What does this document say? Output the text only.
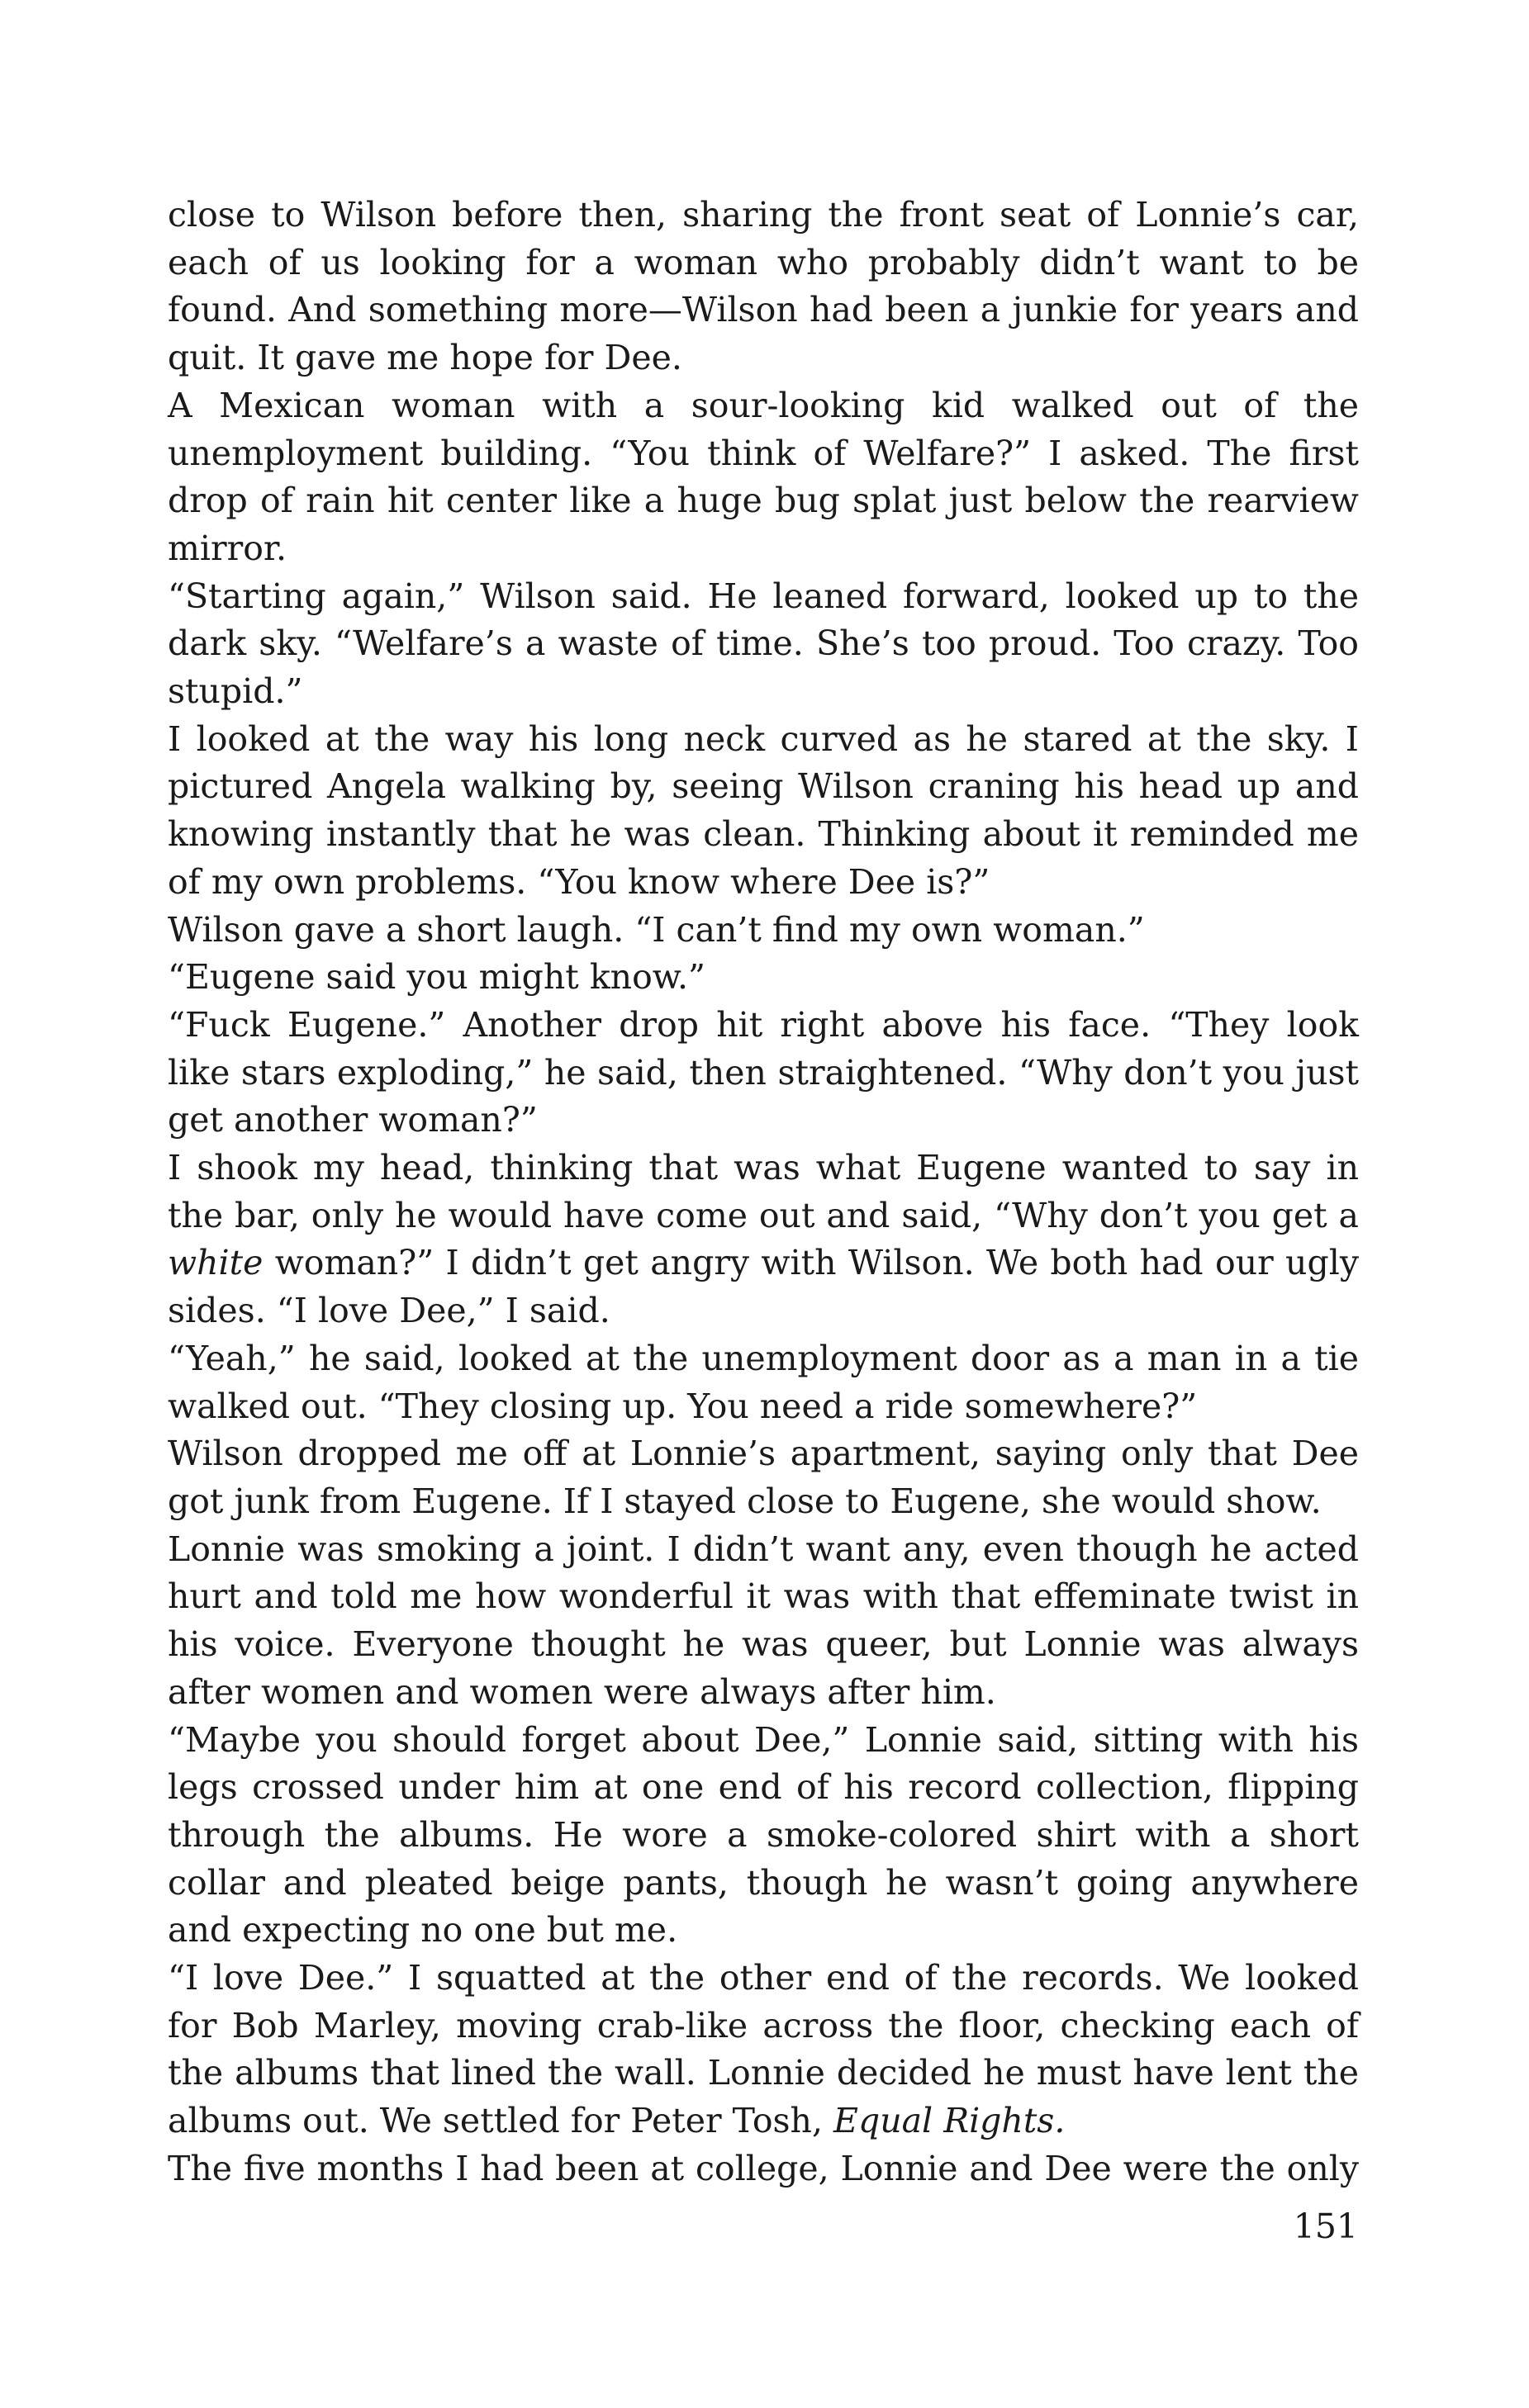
close to Wilson before then, sharing the front seat of Lonnie’s car, each of us looking for a woman who probably didn’t want to be found. And something more—Wilson had been a junkie for years and quit. It gave me hope for Dee.

A Mexican woman with a sour-looking kid walked out of the unemployment building. “You think of Welfare?” I asked. The first drop of rain hit center like a huge bug splat just below the rearview mirror.

“Starting again,” Wilson said. He leaned forward, looked up to the dark sky. “Welfare’s a waste of time. She’s too proud. Too crazy. Too stupid.”

I looked at the way his long neck curved as he stared at the sky. I pictured Angela walking by, seeing Wilson craning his head up and knowing instantly that he was clean. Thinking about it reminded me of my own problems. “You know where Dee is?”

Wilson gave a short laugh. “I can’t find my own woman.”

“Eugene said you might know.”

“Fuck Eugene.” Another drop hit right above his face. “They look like stars exploding,” he said, then straightened. “Why don’t you just get another woman?”

I shook my head, thinking that was what Eugene wanted to say in the bar, only he would have come out and said, “Why don’t you get a white woman?” I didn’t get angry with Wilson. We both had our ugly sides. “I love Dee,” I said.

“Yeah,” he said, looked at the unemployment door as a man in a tie walked out. “They closing up. You need a ride somewhere?”

Wilson dropped me off at Lonnie’s apartment, saying only that Dee got junk from Eugene. If I stayed close to Eugene, she would show.

Lonnie was smoking a joint. I didn’t want any, even though he acted hurt and told me how wonderful it was with that effeminate twist in his voice. Everyone thought he was queer, but Lonnie was always after women and women were always after him.

“Maybe you should forget about Dee,” Lonnie said, sitting with his legs crossed under him at one end of his record collection, flipping through the albums. He wore a smoke-colored shirt with a short collar and pleated beige pants, though he wasn’t going anywhere and expecting no one but me.

“I love Dee.” I squatted at the other end of the records. We looked for Bob Marley, moving crab-like across the floor, checking each of the albums that lined the wall. Lonnie decided he must have lent the albums out. We settled for Peter Tosh, Equal Rights.

The five months I had been at college, Lonnie and Dee were the only

151
